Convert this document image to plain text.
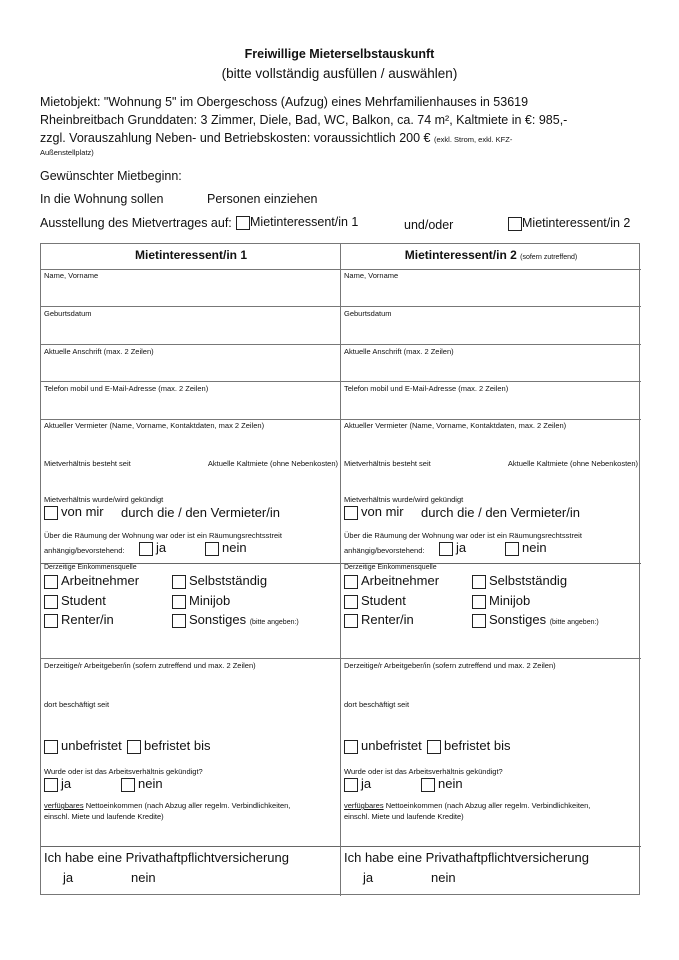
Freiwillige Mieterselbstauskunft
(bitte vollständig ausfüllen / auswählen)
Mietobjekt: "Wohnung 5" im Obergeschoss (Aufzug) eines Mehrfamilienhauses in 53619
Rheinbreitbach Grunddaten: 3 Zimmer, Diele, Bad, WC, Balkon, ca. 74 m², Kaltmiete in €: 985,-
zzgl. Vorauszahlung Neben- und Betriebskosten: voraussichtlich 200 € (exkl. Strom, exkl. KFZ-
Außenstellplatz)
Gewünschter Mietbeginn:
In die Wohnung sollen	Personen einziehen
Ausstellung des Mietvertrages auf:	Mietinteressent/in 1	und/oder	Mietinteressent/in 2
Mietinteressent/in 1
Name, Vorname
Geburtsdatum
Aktuelle Anschrift (max. 2 Zeilen)
Telefon mobil und E-Mail-Adresse (max. 2 Zeilen)
Aktueller Vermieter (Name, Vorname, Kontaktdaten, max 2 Zeilen)
Mietverhältnis besteht seit	Aktuelle Kaltmiete (ohne Nebenkosten)
Mietverhältnis wurde/wird gekündigt
von mir durch die / den Vermieter/in
Über die Räumung der Wohnung war oder ist ein Räumungsrechtsstreit
anhängig/bevorstehend:	ja	nein
Derzeitige Einkommensquelle
Arbeitnehmer	Selbstständig
Student	Minijob
Renter/in	Sonstiges (bitte angeben:)
Derzeitige/r Arbeitgeber/in (sofern zutreffend und max. 2 Zeilen)
dort beschäftigt seit
unbefristet	befristet bis
Wurde oder ist das Arbeitsverhältnis gekündigt?
ja	nein
verfügbares Nettoeinkommen (nach Abzug aller regelm. Verbindlichkeiten,
einschl. Miete und laufende Kredite)
Ich habe eine Privathaftpflichtversicherung
ja	nein
Mietinteressent/in 2 (sofern zutreffend)
Name, Vorname
Geburtsdatum
Aktuelle Anschrift (max. 2 Zeilen)
Telefon mobil und E-Mail-Adresse (max. 2 Zeilen)
Aktueller Vermieter (Name, Vorname, Kontaktdaten, max. 2 Zeilen)
Mietverhältnis besteht seit	Aktuelle Kaltmiete (ohne Nebenkosten)
Mietverhältnis wurde/wird gekündigt
von mir durch die / den Vermieter/in
Über die Räumung der Wohnung war oder ist ein Räumungsrechtsstreit
anhängig/bevorstehend:	ja	nein
Derzeitige Einkommensquelle
Arbeitnehmer	Selbstständig
Student	Minijob
Renter/in	Sonstiges (bitte angeben:)
Derzeitige/r Arbeitgeber/in (sofern zutreffend und max. 2 Zeilen)
dort beschäftigt seit
unbefristet	befristet bis
Wurde oder ist das Arbeitsverhältnis gekündigt?
ja	nein
verfügbares Nettoeinkommen (nach Abzug aller regelm. Verbindlichkeiten,
einschl. Miete und laufende Kredite)
Ich habe eine Privathaftpflichtversicherung
ja	nein
